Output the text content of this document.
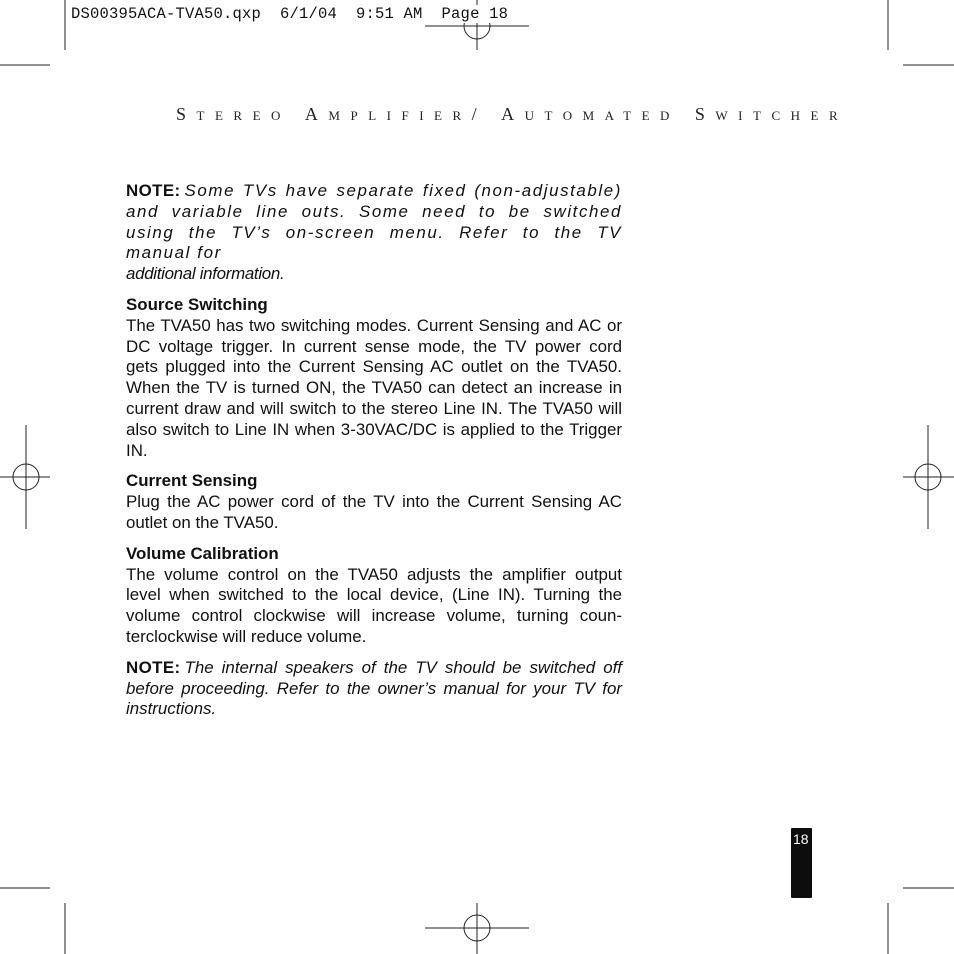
DS00395ACA-TVA50.qxp  6/1/04  9:51 AM  Page 18
Stereo Amplifier/ Automated Switcher

NOTE: Some TVs have separate fixed (non-adjustable) and variable line outs. Some need to be switched using the TV’s on-screen menu. Refer to the TV manual for
additional information.

Source Switching

The TVA50 has two switching modes. Current Sensing and AC or DC voltage trigger. In current sense mode, the TV power cord gets plugged into the Current Sensing AC outlet on the TVA50. When the TV is turned ON, the TVA50 can detect an increase in current draw and will switch to the stereo Line IN. The TVA50 will also switch to Line IN when 3-30VAC/DC is applied to the Trigger IN.

Current Sensing

Plug the AC power cord of the TV into the Current Sensing AC outlet on the TVA50.

Volume Calibration

The volume control on the TVA50 adjusts the amplifier output level when switched to the local device, (Line IN). Turning the volume control clockwise will increase volume, turning coun-terclockwise will reduce volume.

NOTE: The internal speakers of the TV should be switched off before proceeding. Refer to the owner’s manual for your TV for instructions.

18
